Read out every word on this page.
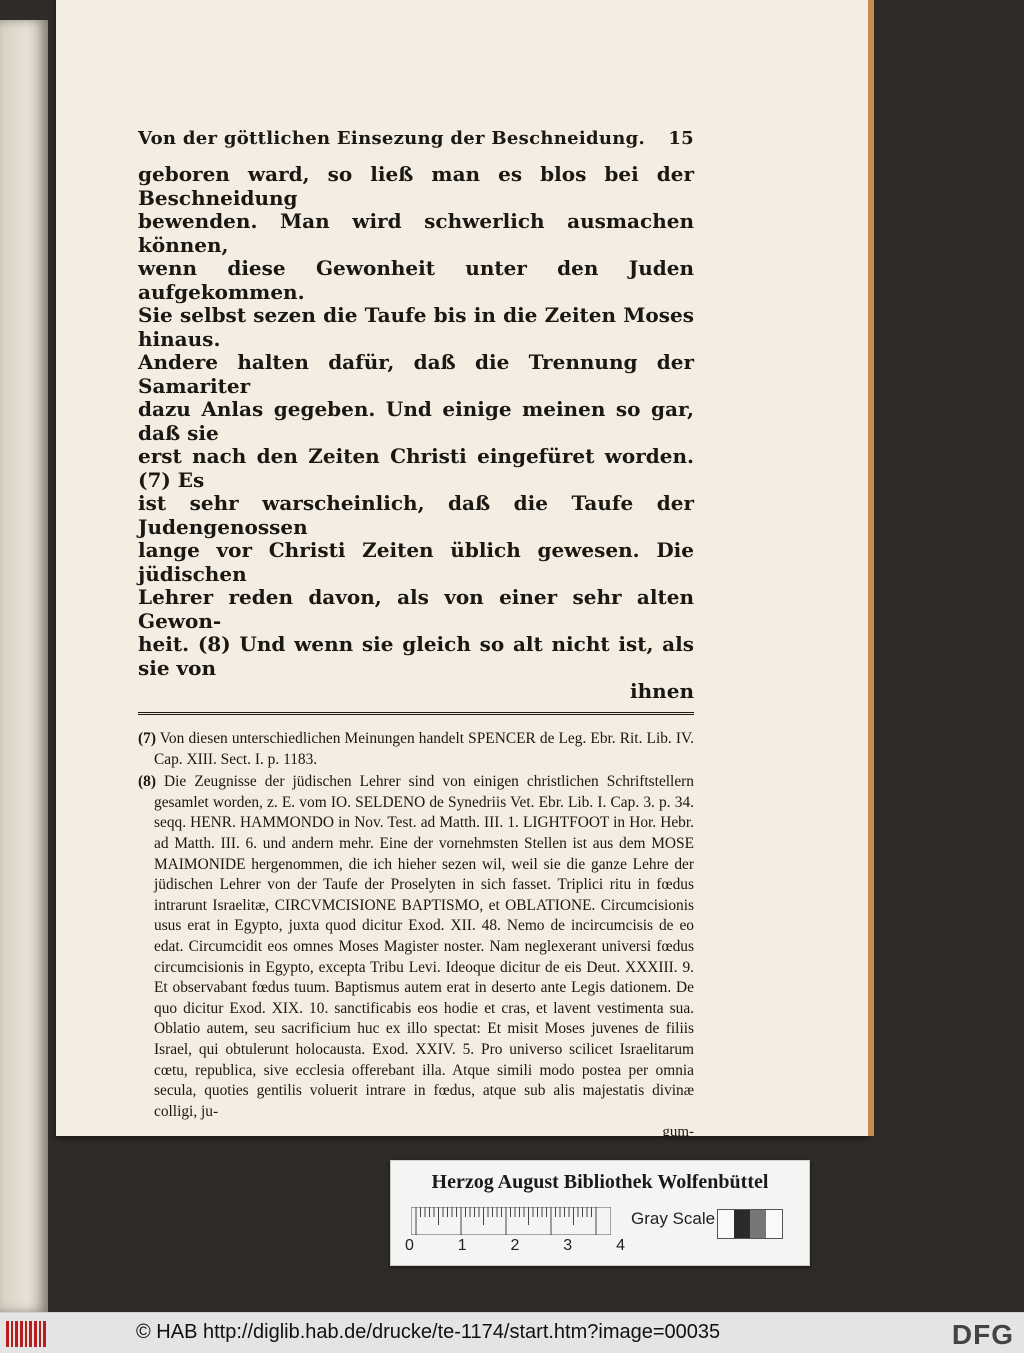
Von der göttlichen Einsezung der Beschneidung. 15

geboren ward, so ließ man es blos bei der Beschneidung

bewenden. Man wird schwerlich ausmachen können,

wenn diese Gewonheit unter den Juden aufgekommen.

Sie selbst sezen die Taufe bis in die Zeiten Moses hinaus.

Andere halten dafür, daß die Trennung der Samariter

dazu Anlas gegeben. Und einige meinen so gar, daß sie

erst nach den Zeiten Christi eingefüret worden. (7) Es

ist sehr warscheinlich, daß die Taufe der Judengenossen

lange vor Christi Zeiten üblich gewesen. Die jüdischen

Lehrer reden davon, als von einer sehr alten Gewon-

heit. (8) Und wenn sie gleich so alt nicht ist, als sie von

ihnen

(7) Von diesen unterschiedlichen Meinungen handelt SPENCER de Leg. Ebr. Rit. Lib. IV. Cap. XIII. Sect. I. p. 1183.

(8) Die Zeugnisse der jüdischen Lehrer sind von einigen christlichen Schriftstellern gesamlet worden, z. E. vom IO. SELDENO de Synedriis Vet. Ebr. Lib. I. Cap. 3. p. 34. seqq. HENR. HAMMONDO in Nov. Test. ad Matth. III. 1. LIGHTFOOT in Hor. Hebr. ad Matth. III. 6. und andern mehr. Eine der vornehmsten Stellen ist aus dem MOSE MAIMONIDE hergenommen, die ich hieher sezen wil, weil sie die ganze Lehre der jüdischen Lehrer von der Taufe der Proselyten in sich fasset. Triplici ritu in fœdus intrarunt Israelitæ, CIRCVMCISIONE BAPTISMO, et OBLATIONE. Circumcisionis usus erat in Egypto, juxta quod dicitur Exod. XII. 48. Nemo de incircumcisis de eo edat. Circumcidit eos omnes Moses Magister noster. Nam neglexerant universi fœdus circumcisionis in Egypto, excepta Tribu Levi. Ideoque dicitur de eis Deut. XXXIII. 9. Et observabant fœdus tuum. Baptismus autem erat in deserto ante Legis dationem. De quo dicitur Exod. XIX. 10. sanctificabis eos hodie et cras, et lavent vestimenta sua. Oblatio autem, seu sacrificium huc ex illo spectat: Et misit Moses juvenes de filiis Israel, qui obtulerunt holocausta. Exod. XXIV. 5. Pro universo scilicet Israelitarum cœtu, republica, sive ecclesia offerebant illa. Atque simili modo postea per omnia secula, quoties gentilis voluerit intrare in fœdus, atque sub alis majestatis divinæ colligi, ju-

gum-
Herzog August Bibliothek Wolfenbüttel
0	1	2	3	4
Gray Scale
© HAB http://diglib.hab.de/drucke/te-1174/start.htm?image=00035	DFG
